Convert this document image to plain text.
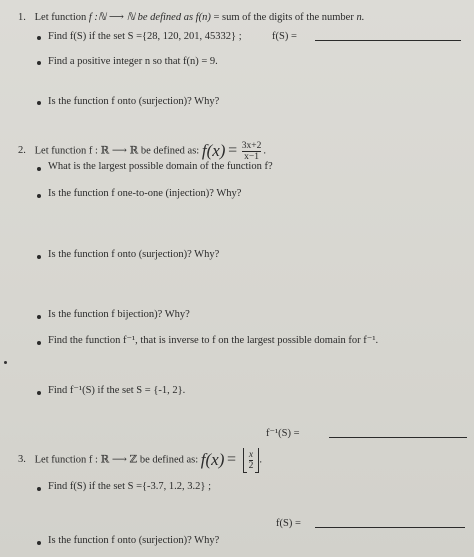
1. Let function f :ℕ ⟶ ℕ be defined as f(n) = sum of the digits of the number n.
Find f(S) if the set S ={28, 120, 201, 45332} ;	f(S) =
Find a positive integer n so that f(n) = 9.
Is the function f onto (surjection)? Why?
2. Let function f : ℝ ⟶ ℝ be defined as: $f(x) = \frac{3x+2}{x-1}$ .
What is the largest possible domain of the function f?
Is the function f one-to-one (injection)? Why?
Is the function f onto (surjection)? Why?
Is the function f bijection)? Why?
Find the function f⁻¹, that is inverse to f on the largest possible domain for f⁻¹.
Find f⁻¹(S) if the set S = {-1, 2}.
f⁻¹(S) =
3. Let function f : ℝ ⟶ ℤ be defined as: $f(x) = \frac{x}{2}$ .
Find f(S) if the set S ={-3.7, 1.2, 3.2} ;
f(S) =
Is the function f onto (surjection)? Why?
